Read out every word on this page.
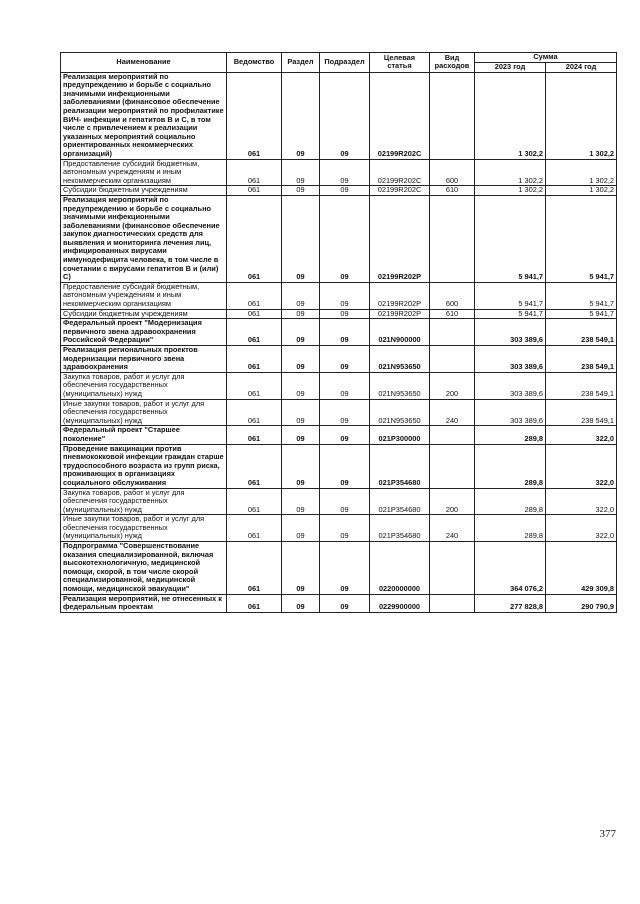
Наименование	Ведомство	Раздел	Подраздел	Целевая статья	Вид расходов	Сумма	
						2023 год	2024 год
Реализация мероприятий по предупреждению и борьбе с социально значимыми инфекционными заболеваниями (финансовое обеспечение реализации мероприятий по профилактике ВИЧ- инфекции и гепатитов В и С, в том числе с привлечением к реализации указанных мероприятий социально ориентированных некоммерческих организаций)	061	09	09	02199R202C		1 302,2	1 302,2
Предоставление субсидий бюджетным, автономным учреждениям и иным некоммерческим организациям	061	09	09	02199R202C	600	1 302,2	1 302,2
Субсидии бюджетным учреждениям	061	09	09	02199R202C	610	1 302,2	1 302,2
Реализация мероприятий по предупреждению и борьбе с социально значимыми инфекционными заболеваниями (финансовое обеспечение закупок диагностических средств для выявления и мониторинга лечения лиц, инфицированных вирусами иммунодефицита человека, в том числе в сочетании с вирусами гепатитов В и (или) С)	061	09	09	02199R202P		5 941,7	5 941,7
Предоставление субсидий бюджетным, автономным учреждениям и иным некоммерческим организациям	061	09	09	02199R202P	600	5 941,7	5 941,7
Субсидии бюджетным учреждениям	061	09	09	02199R202P	610	5 941,7	5 941,7
Федеральный проект "Модернизация первичного звена здравоохранения Российской Федерации"	061	09	09	021N900000		303 389,6	238 549,1
Реализация региональных проектов модернизации первичного звена здравоохранения	061	09	09	021N953650		303 389,6	238 549,1
Закупка товаров, работ и услуг для обеспечения государственных (муниципальных) нужд	061	09	09	021N953650	200	303 389,6	238 549,1
Иные закупки товаров, работ и услуг для обеспечения государственных (муниципальных) нужд	061	09	09	021N953650	240	303 389,6	238 549,1
Федеральный проект "Старшее поколение"	061	09	09	021P300000		289,8	322,0
Проведение вакцинации против пневмококковой инфекции граждан старше трудоспособного возраста из групп риска, проживающих в организациях социального обслуживания	061	09	09	021P354680		289,8	322,0
Закупка товаров, работ и услуг для обеспечения государственных (муниципальных) нужд	061	09	09	021P354680	200	289,8	322,0
Иные закупки товаров, работ и услуг для обеспечения государственных (муниципальных) нужд	061	09	09	021P354680	240	289,8	322,0
Подпрограмма "Совершенствование оказания специализированной, включая высокотехнологичную, медицинской помощи, скорой, в том числе скорой специализированной, медицинской помощи, медицинской эвакуации"	061	09	09	0220000000		364 076,2	429 309,8
Реализация мероприятий, не отнесенных к федеральным проектам	061	09	09	0229900000		277 828,8	290 790,9
377
